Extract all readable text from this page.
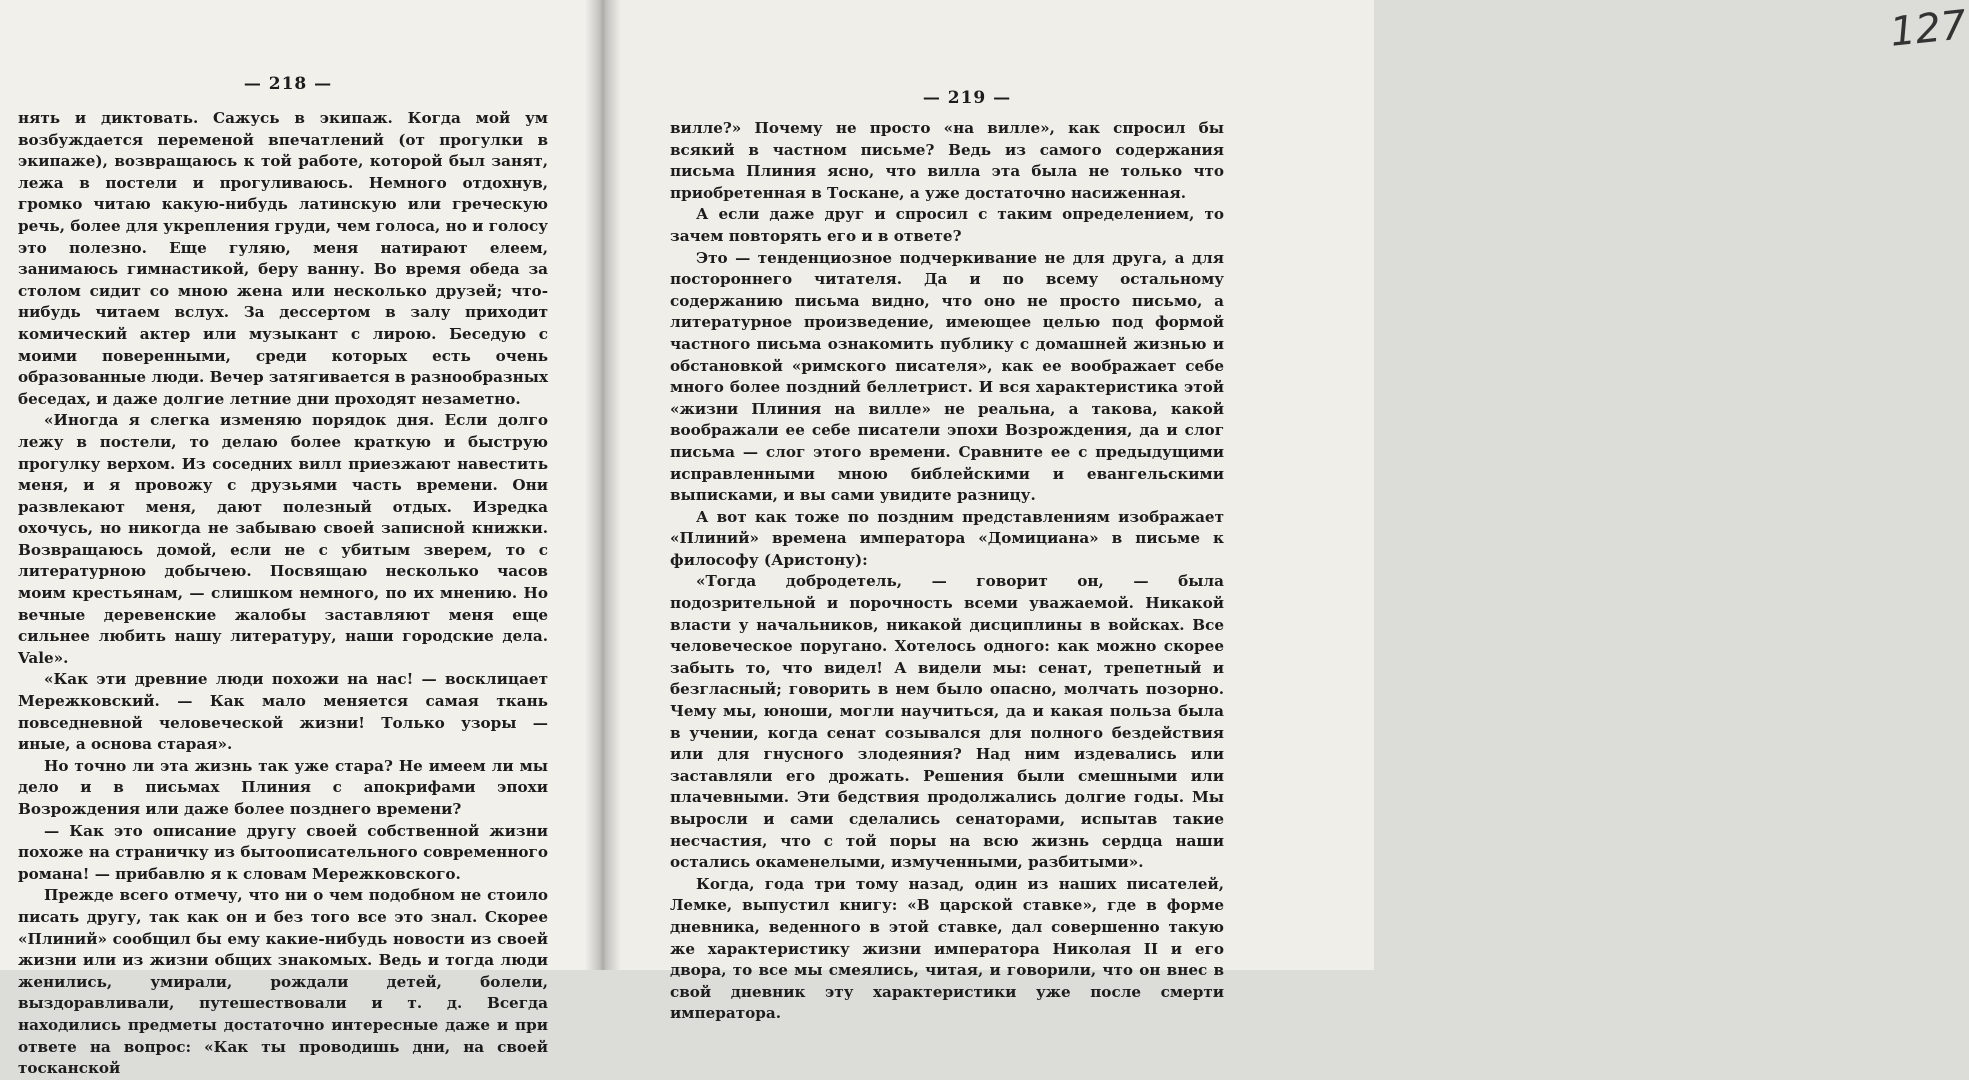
— 218 —

нять и диктовать. Сажусь в экипаж. Когда мой ум возбуждается переменой впечатлений (от прогулки в экипаже), возвращаюсь к той работе, которой был занят, лежа в постели и прогуливаюсь. Немного отдохнув, громко читаю какую-нибудь латинскую или греческую речь, более для укрепления груди, чем голоса, но и голосу это полезно. Еще гуляю, меня натирают елеем, занимаюсь гимнастикой, беру ванну. Во время обеда за столом сидит со мною жена или несколько друзей; что-нибудь читаем вслух. За дессертом в залу приходит комический актер или музыкант с лирою. Беседую с моими поверенными, среди которых есть очень образованные люди. Вечер затягивается в разнообразных беседах, и даже долгие летние дни проходят незаметно.

«Иногда я слегка изменяю порядок дня. Если долго лежу в постели, то делаю более краткую и быструю прогулку верхом. Из соседних вилл приезжают навестить меня, и я провожу с друзьями часть времени. Они развлекают меня, дают полезный отдых. Изредка охочусь, но никогда не забываю своей записной книжки. Возвращаюсь домой, если не с убитым зверем, то с литературною добычею. Посвящаю несколько часов моим крестьянам, — слишком немного, по их мнению. Но вечные деревенские жалобы заставляют меня еще сильнее любить нашу литературу, наши городские дела. Vale».

«Как эти древние люди похожи на нас! — восклицает Мережковский. — Как мало меняется самая ткань повседневной человеческой жизни! Только узоры — иные, а основа старая».

Но точно ли эта жизнь так уже стара? Не имеем ли мы дело и в письмах Плиния с апокрифами эпохи Возрождения или даже более позднего времени?

— Как это описание другу своей собственной жизни похоже на страничку из бытоописательного современного романа! — прибавлю я к словам Мережковского.

Прежде всего отмечу, что ни о чем подобном не стоило писать другу, так как он и без того все это знал. Скорее «Плиний» сообщил бы ему какие-нибудь новости из своей жизни или из жизни общих знакомых. Ведь и тогда люди женились, умирали, рождали детей, болели, выздоравливали, путешествовали и т. д. Всегда находились предметы достаточно интересные даже и при ответе на вопрос: «Как ты проводишь дни, на своей тосканской

— 219 —

вилле?» Почему не просто «на вилле», как спросил бы всякий в частном письме? Ведь из самого содержания письма Плиния ясно, что вилла эта была не только что приобретенная в Тоскане, а уже достаточно насиженная.

А если даже друг и спросил с таким определением, то зачем повторять его и в ответе?

Это — тенденциозное подчеркивание не для друга, а для постороннего читателя. Да и по всему остальному содержанию письма видно, что оно не просто письмо, а литературное произведение, имеющее целью под формой частного письма ознакомить публику с домашней жизнью и обстановкой «римского писателя», как ее воображает себе много более поздний беллетрист. И вся характеристика этой «жизни Плиния на вилле» не реальна, а такова, какой воображали ее себе писатели эпохи Возрождения, да и слог письма — слог этого времени. Сравните ее с предыдущими исправленными мною библейскими и евангельскими выписками, и вы сами увидите разницу.

А вот как тоже по поздним представлениям изображает «Плиний» времена императора «Домициана» в письме к философу (Аристону):

«Тогда добродетель, — говорит он, — была подозрительной и порочность всеми уважаемой. Никакой власти у начальников, никакой дисциплины в войсках. Все человеческое поругано. Хотелось одного: как можно скорее забыть то, что видел! А видели мы: сенат, трепетный и безгласный; говорить в нем было опасно, молчать позорно. Чему мы, юноши, могли научиться, да и какая польза была в учении, когда сенат созывался для полного бездействия или для гнусного злодеяния? Над ним издевались или заставляли его дрожать. Решения были смешными или плачевными. Эти бедствия продолжались долгие годы. Мы выросли и сами сделались сенаторами, испытав такие несчастия, что с той поры на всю жизнь сердца наши остались окаменелыми, измученными, разбитыми».

Когда, года три тому назад, один из наших писателей, Лемке, выпустил книгу: «В царской ставке», где в форме дневника, веденного в этой ставке, дал совершенно такую же характеристику жизни императора Николая II и его двора, то все мы смеялись, читая, и говорили, что он внес в свой дневник эту характеристики уже после смерти императора.

127
